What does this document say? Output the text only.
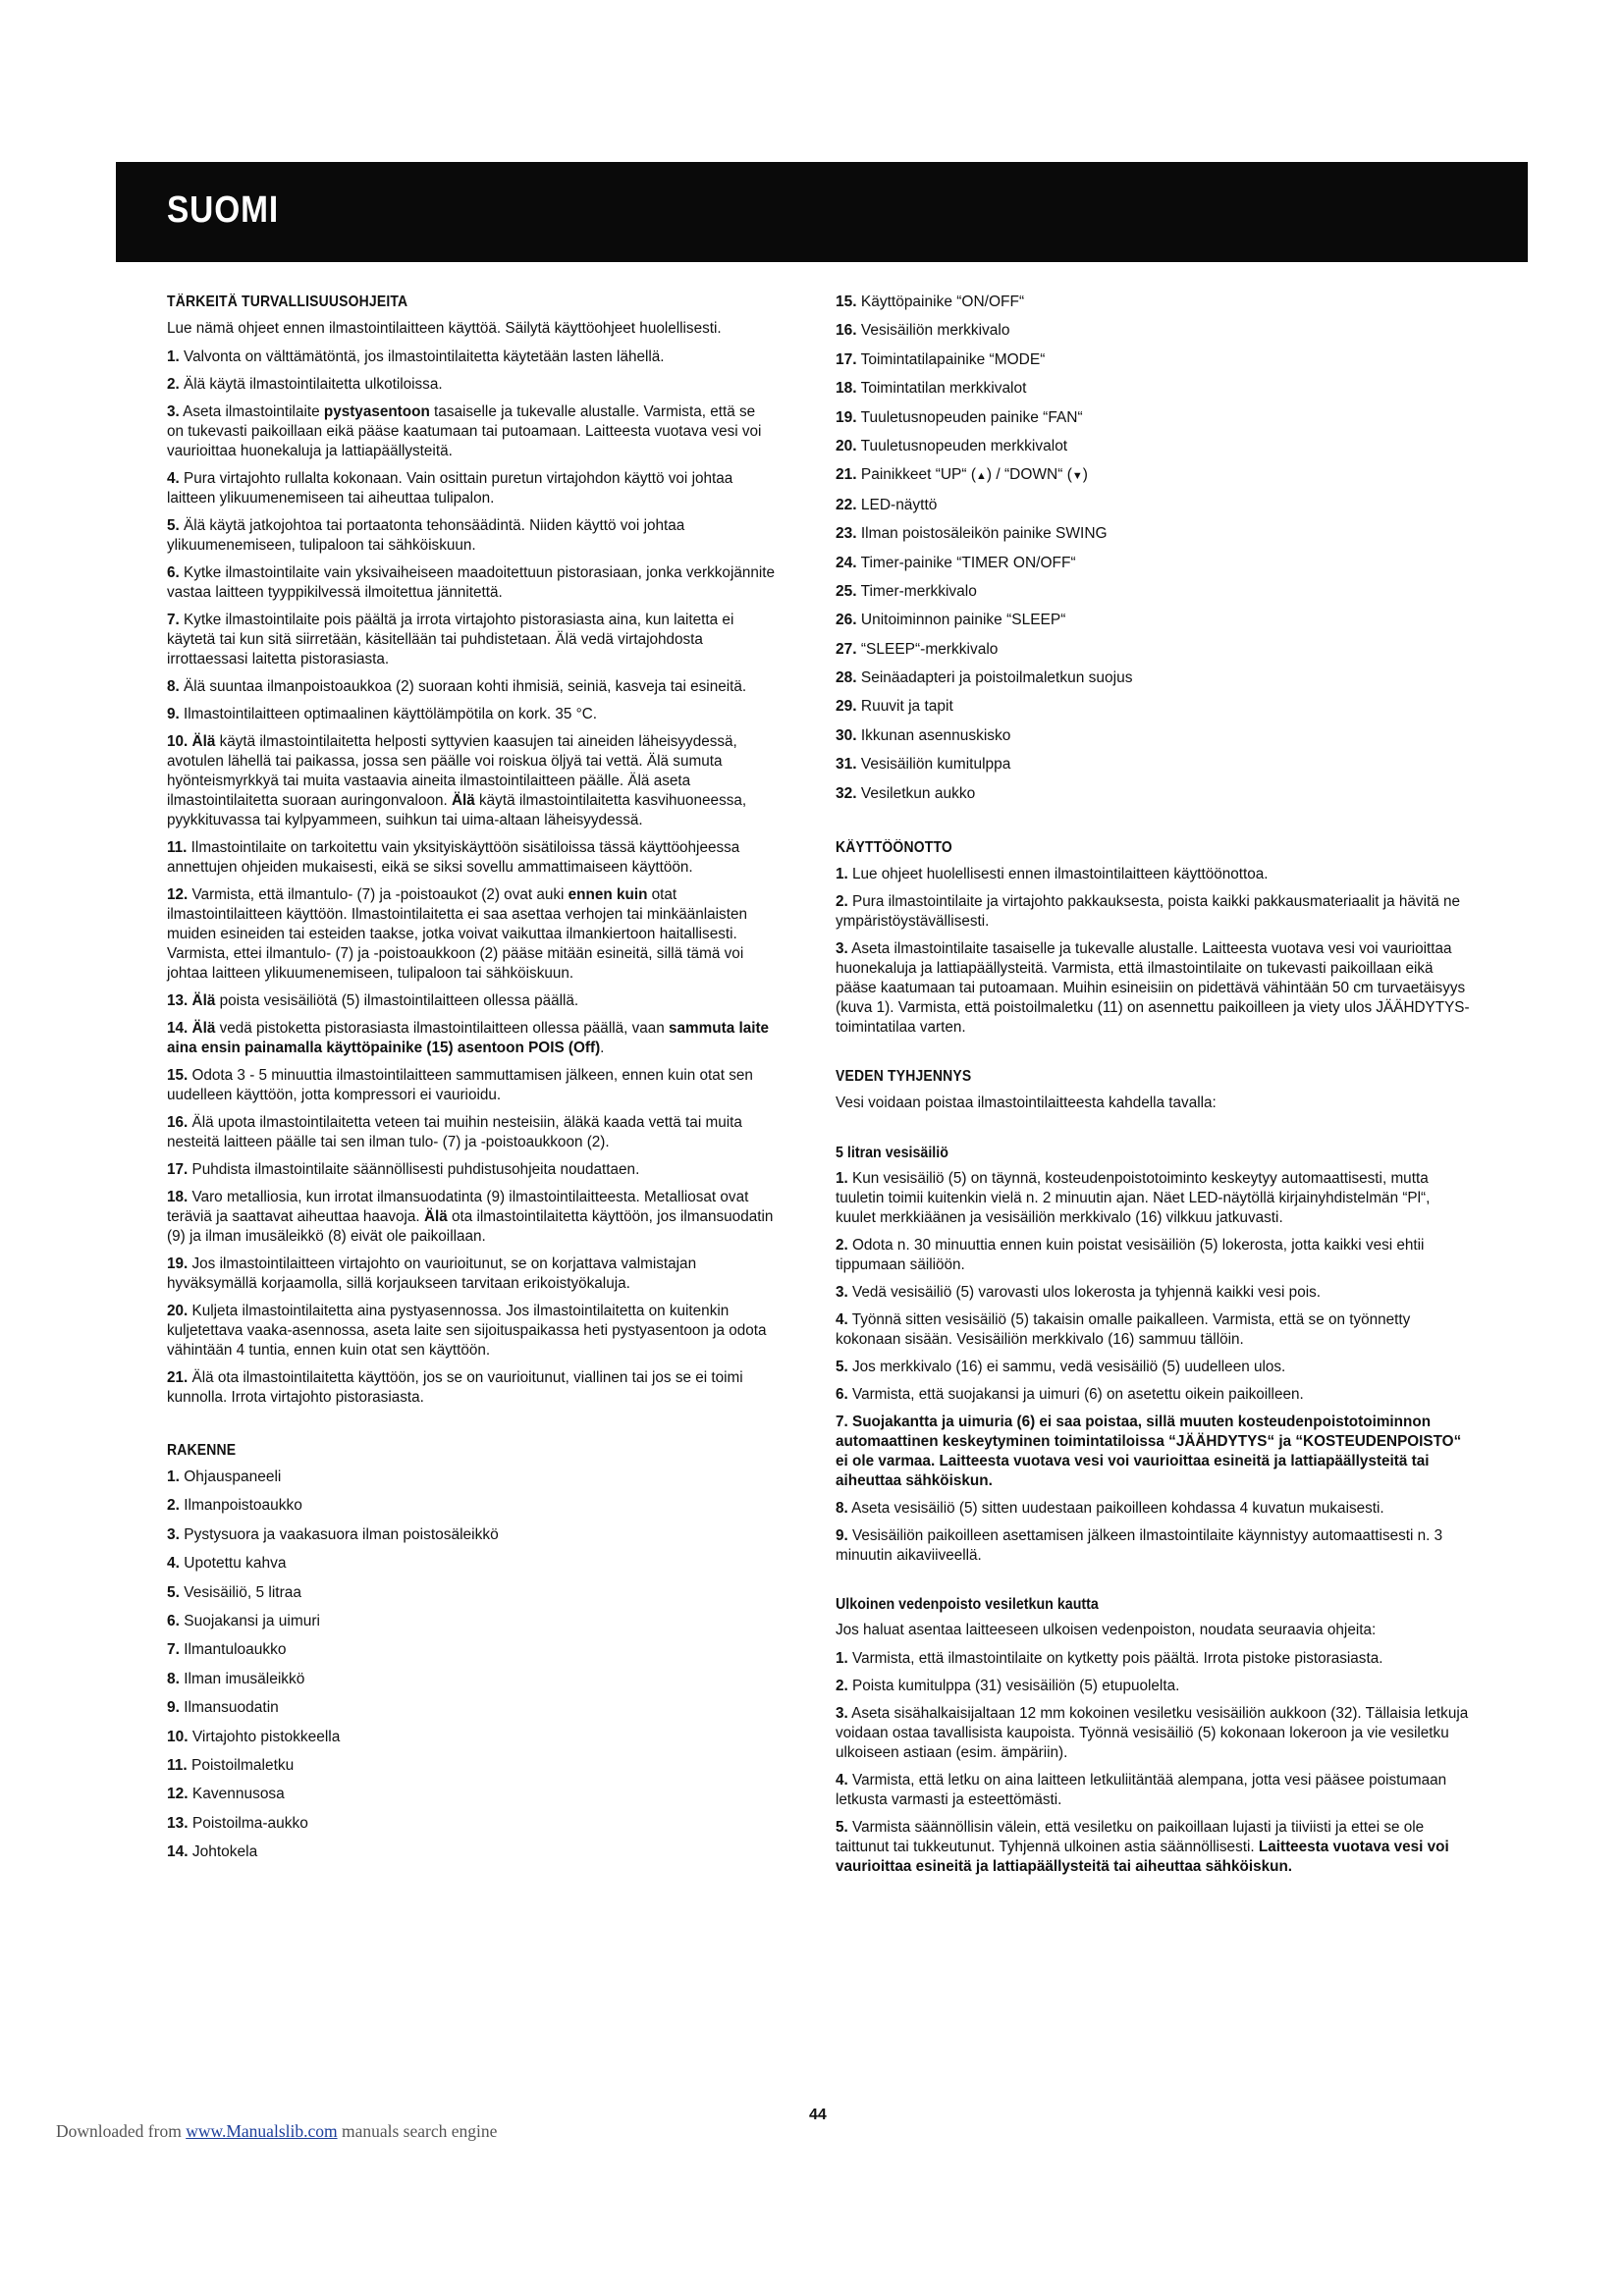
SUOMI
TÄRKEITÄ TURVALLISUUSOHJEITA

Lue nämä ohjeet ennen ilmastointilaitteen käyttöä. Säilytä käyttöohjeet huolellisesti.

1. Valvonta on välttämätöntä, jos ilmastointilaitetta käytetään lasten lähellä.

2. Älä käytä ilmastointilaitetta ulkotiloissa.

3. Aseta ilmastointilaite pystyasentoon tasaiselle ja tukevalle alustalle. Varmista, että se on tukevasti paikoillaan eikä pääse kaatumaan tai putoamaan. Laitteesta vuotava vesi voi vaurioittaa huonekaluja ja lattiapäällysteitä.

4. Pura virtajohto rullalta kokonaan. Vain osittain puretun virtajohdon käyttö voi johtaa laitteen ylikuumenemiseen tai aiheuttaa tulipalon.

5. Älä käytä jatkojohtoa tai portaatonta tehonsäädintä. Niiden käyttö voi johtaa ylikuumenemiseen, tulipaloon tai sähköiskuun.

6. Kytke ilmastointilaite vain yksivaiheiseen maadoitettuun pistorasiaan, jonka verkkojännite vastaa laitteen tyyppikilvessä ilmoitettua jännitettä.

7. Kytke ilmastointilaite pois päältä ja irrota virtajohto pistorasiasta aina, kun laitetta ei käytetä tai kun sitä siirretään, käsitellään tai puhdistetaan. Älä vedä virtajohdosta irrottaessasi laitetta pistorasiasta.

8. Älä suuntaa ilmanpoistoaukkoa (2) suoraan kohti ihmisiä, seiniä, kasveja tai esineitä.

9. Ilmastointilaitteen optimaalinen käyttölämpötila on kork. 35 °C.

10. Älä käytä ilmastointilaitetta helposti syttyvien kaasujen tai aineiden läheisyydessä, avotulen lähellä tai paikassa, jossa sen päälle voi roiskua öljyä tai vettä. Älä sumuta hyönteismyrkkyä tai muita vastaavia aineita ilmastointilaitteen päälle. Älä aseta ilmastointilaitetta suoraan auringonvaloon. Älä käytä ilmastointilaitetta kasvihuoneessa, pyykkituvassa tai kylpyammeen, suihkun tai uima-altaan läheisyydessä.

11. Ilmastointilaite on tarkoitettu vain yksityiskäyttöön sisätiloissa tässä käyttöohjeessa annettujen ohjeiden mukaisesti, eikä se siksi sovellu ammattimaiseen käyttöön.

12. Varmista, että ilmantulo- (7) ja -poistoaukot (2) ovat auki ennen kuin otat ilmastointilaitteen käyttöön. Ilmastointilaitetta ei saa asettaa verhojen tai minkäänlaisten muiden esineiden tai esteiden taakse, jotka voivat vaikuttaa ilmankiertoon haitallisesti. Varmista, ettei ilmantulo- (7) ja -poistoaukkoon (2) pääse mitään esineitä, sillä tämä voi johtaa laitteen ylikuumenemiseen, tulipaloon tai sähköiskuun.

13. Älä poista vesisäiliötä (5) ilmastointilaitteen ollessa päällä.

14. Älä vedä pistoketta pistorasiasta ilmastointilaitteen ollessa päällä, vaan sammuta laite aina ensin painamalla käyttöpainike (15) asentoon POIS (Off).

15. Odota 3 - 5 minuuttia ilmastointilaitteen sammuttamisen jälkeen, ennen kuin otat sen uudelleen käyttöön, jotta kompressori ei vaurioidu.

16. Älä upota ilmastointilaitetta veteen tai muihin nesteisiin, äläkä kaada vettä tai muita nesteitä laitteen päälle tai sen ilman tulo- (7) ja -poistoaukkoon (2).

17. Puhdista ilmastointilaite säännöllisesti puhdistusohjeita noudattaen.

18. Varo metalliosia, kun irrotat ilmansuodatinta (9) ilmastointilaitteesta. Metalliosat ovat teräviä ja saattavat aiheuttaa haavoja. Älä ota ilmastointilaitetta käyttöön, jos ilmansuodatin (9) ja ilman imusäleikkö (8) eivät ole paikoillaan.

19. Jos ilmastointilaitteen virtajohto on vaurioitunut, se on korjattava valmistajan hyväksymällä korjaamolla, sillä korjaukseen tarvitaan erikoistyökaluja.

20. Kuljeta ilmastointilaitetta aina pystyasennossa. Jos ilmastointilaitetta on kuitenkin kuljetettava vaaka-asennossa, aseta laite sen sijoituspaikassa heti pystyasentoon ja odota vähintään 4 tuntia, ennen kuin otat sen käyttöön.

21. Älä ota ilmastointilaitetta käyttöön, jos se on vaurioitunut, viallinen tai jos se ei toimi kunnolla. Irrota virtajohto pistorasiasta.

RAKENNE

1. Ohjauspaneeli

2. Ilmanpoistoaukko

3. Pystysuora ja vaakasuora ilman poistosäleikkö

4. Upotettu kahva

5. Vesisäiliö, 5 litraa

6. Suojakansi ja uimuri

7. Ilmantuloaukko

8. Ilman imusäleikkö

9. Ilmansuodatin

10. Virtajohto pistokkeella

11. Poistoilmaletku

12. Kavennusosa

13. Poistoilma-aukko

14. Johtokela

15. Käyttöpainike “ON/OFF“

16. Vesisäiliön merkkivalo

17. Toimintatilapainike “MODE“

18. Toimintatilan merkkivalot

19. Tuuletusnopeuden painike “FAN“

20. Tuuletusnopeuden merkkivalot

21. Painikkeet “UP“ (▲) / “DOWN“ (▼)

22. LED-näyttö

23. Ilman poistosäleikön painike SWING

24. Timer-painike “TIMER ON/OFF“

25. Timer-merkkivalo

26. Unitoiminnon painike “SLEEP“

27. “SLEEP“-merkkivalo

28. Seinäadapteri ja poistoilmaletkun suojus

29. Ruuvit ja tapit

30. Ikkunan asennuskisko

31. Vesisäiliön kumitulppa

32. Vesiletkun aukko

KÄYTTÖÖNOTTO

1. Lue ohjeet huolellisesti ennen ilmastointilaitteen käyttöönottoa.

2. Pura ilmastointilaite ja virtajohto pakkauksesta, poista kaikki pakkausmateriaalit ja hävitä ne ympäristöystävällisesti.

3. Aseta ilmastointilaite tasaiselle ja tukevalle alustalle. Laitteesta vuotava vesi voi vaurioittaa huonekaluja ja lattiapäällysteitä. Varmista, että ilmastointilaite on tukevasti paikoillaan eikä pääse kaatumaan tai putoamaan. Muihin esineisiin on pidettävä vähintään 50 cm turvaetäisyys (kuva 1). Varmista, että poistoilmaletku (11) on asennettu paikoilleen ja viety ulos JÄÄHDYTYS-toimintatilaa varten.

VEDEN TYHJENNYS

Vesi voidaan poistaa ilmastointilaitteesta kahdella tavalla:

5 litran vesisäiliö

1. Kun vesisäiliö (5) on täynnä, kosteudenpoistotoiminto keskeytyy automaattisesti, mutta tuuletin toimii kuitenkin vielä n. 2 minuutin ajan. Näet LED-näytöllä kirjainyhdistelmän “Pl“, kuulet merkkiäänen ja vesisäiliön merkkivalo (16) vilkkuu jatkuvasti.

2. Odota n. 30 minuuttia ennen kuin poistat vesisäiliön (5) lokerosta, jotta kaikki vesi ehtii tippumaan säiliöön.

3. Vedä vesisäiliö (5) varovasti ulos lokerosta ja tyhjennä kaikki vesi pois.

4. Työnnä sitten vesisäiliö (5) takaisin omalle paikalleen. Varmista, että se on työnnetty kokonaan sisään. Vesisäiliön merkkivalo (16) sammuu tällöin.

5. Jos merkkivalo (16) ei sammu, vedä vesisäiliö (5) uudelleen ulos.

6. Varmista, että suojakansi ja uimuri (6) on asetettu oikein paikoilleen.

7. Suojakantta ja uimuria (6) ei saa poistaa, sillä muuten kosteudenpoistotoiminnon automaattinen keskeytyminen toimintatiloissa “JÄÄHDYTYS“ ja “KOSTEUDENPOISTO“ ei ole varmaa. Laitteesta vuotava vesi voi vaurioittaa esineitä ja lattiapäällysteitä tai aiheuttaa sähköiskun.

8. Aseta vesisäiliö (5) sitten uudestaan paikoilleen kohdassa 4 kuvatun mukaisesti.

9. Vesisäiliön paikoilleen asettamisen jälkeen ilmastointilaite käynnistyy automaattisesti n. 3 minuutin aikaviiveellä.

Ulkoinen vedenpoisto vesiletkun kautta

Jos haluat asentaa laitteeseen ulkoisen vedenpoiston, noudata seuraavia ohjeita:

1. Varmista, että ilmastointilaite on kytketty pois päältä. Irrota pistoke pistorasiasta.

2. Poista kumitulppa (31) vesisäiliön (5) etupuolelta.

3. Aseta sisähalkaisijaltaan 12 mm kokoinen vesiletku vesisäiliön aukkoon (32). Tällaisia letkuja voidaan ostaa tavallisista kaupoista. Työnnä vesisäiliö (5) kokonaan lokeroon ja vie vesiletku ulkoiseen astiaan (esim. ämpäriin).

4. Varmista, että letku on aina laitteen letkuliitäntää alempana, jotta vesi pääsee poistumaan letkusta varmasti ja esteettömästi.

5. Varmista säännöllisin välein, että vesiletku on paikoillaan lujasti ja tiiviisti ja ettei se ole taittunut tai tukkeutunut. Tyhjennä ulkoinen astia säännöllisesti. Laitteesta vuotava vesi voi vaurioittaa esineitä ja lattiapäällysteitä tai aiheuttaa sähköiskun.

44
Downloaded from www.Manualslib.com manuals search engine
